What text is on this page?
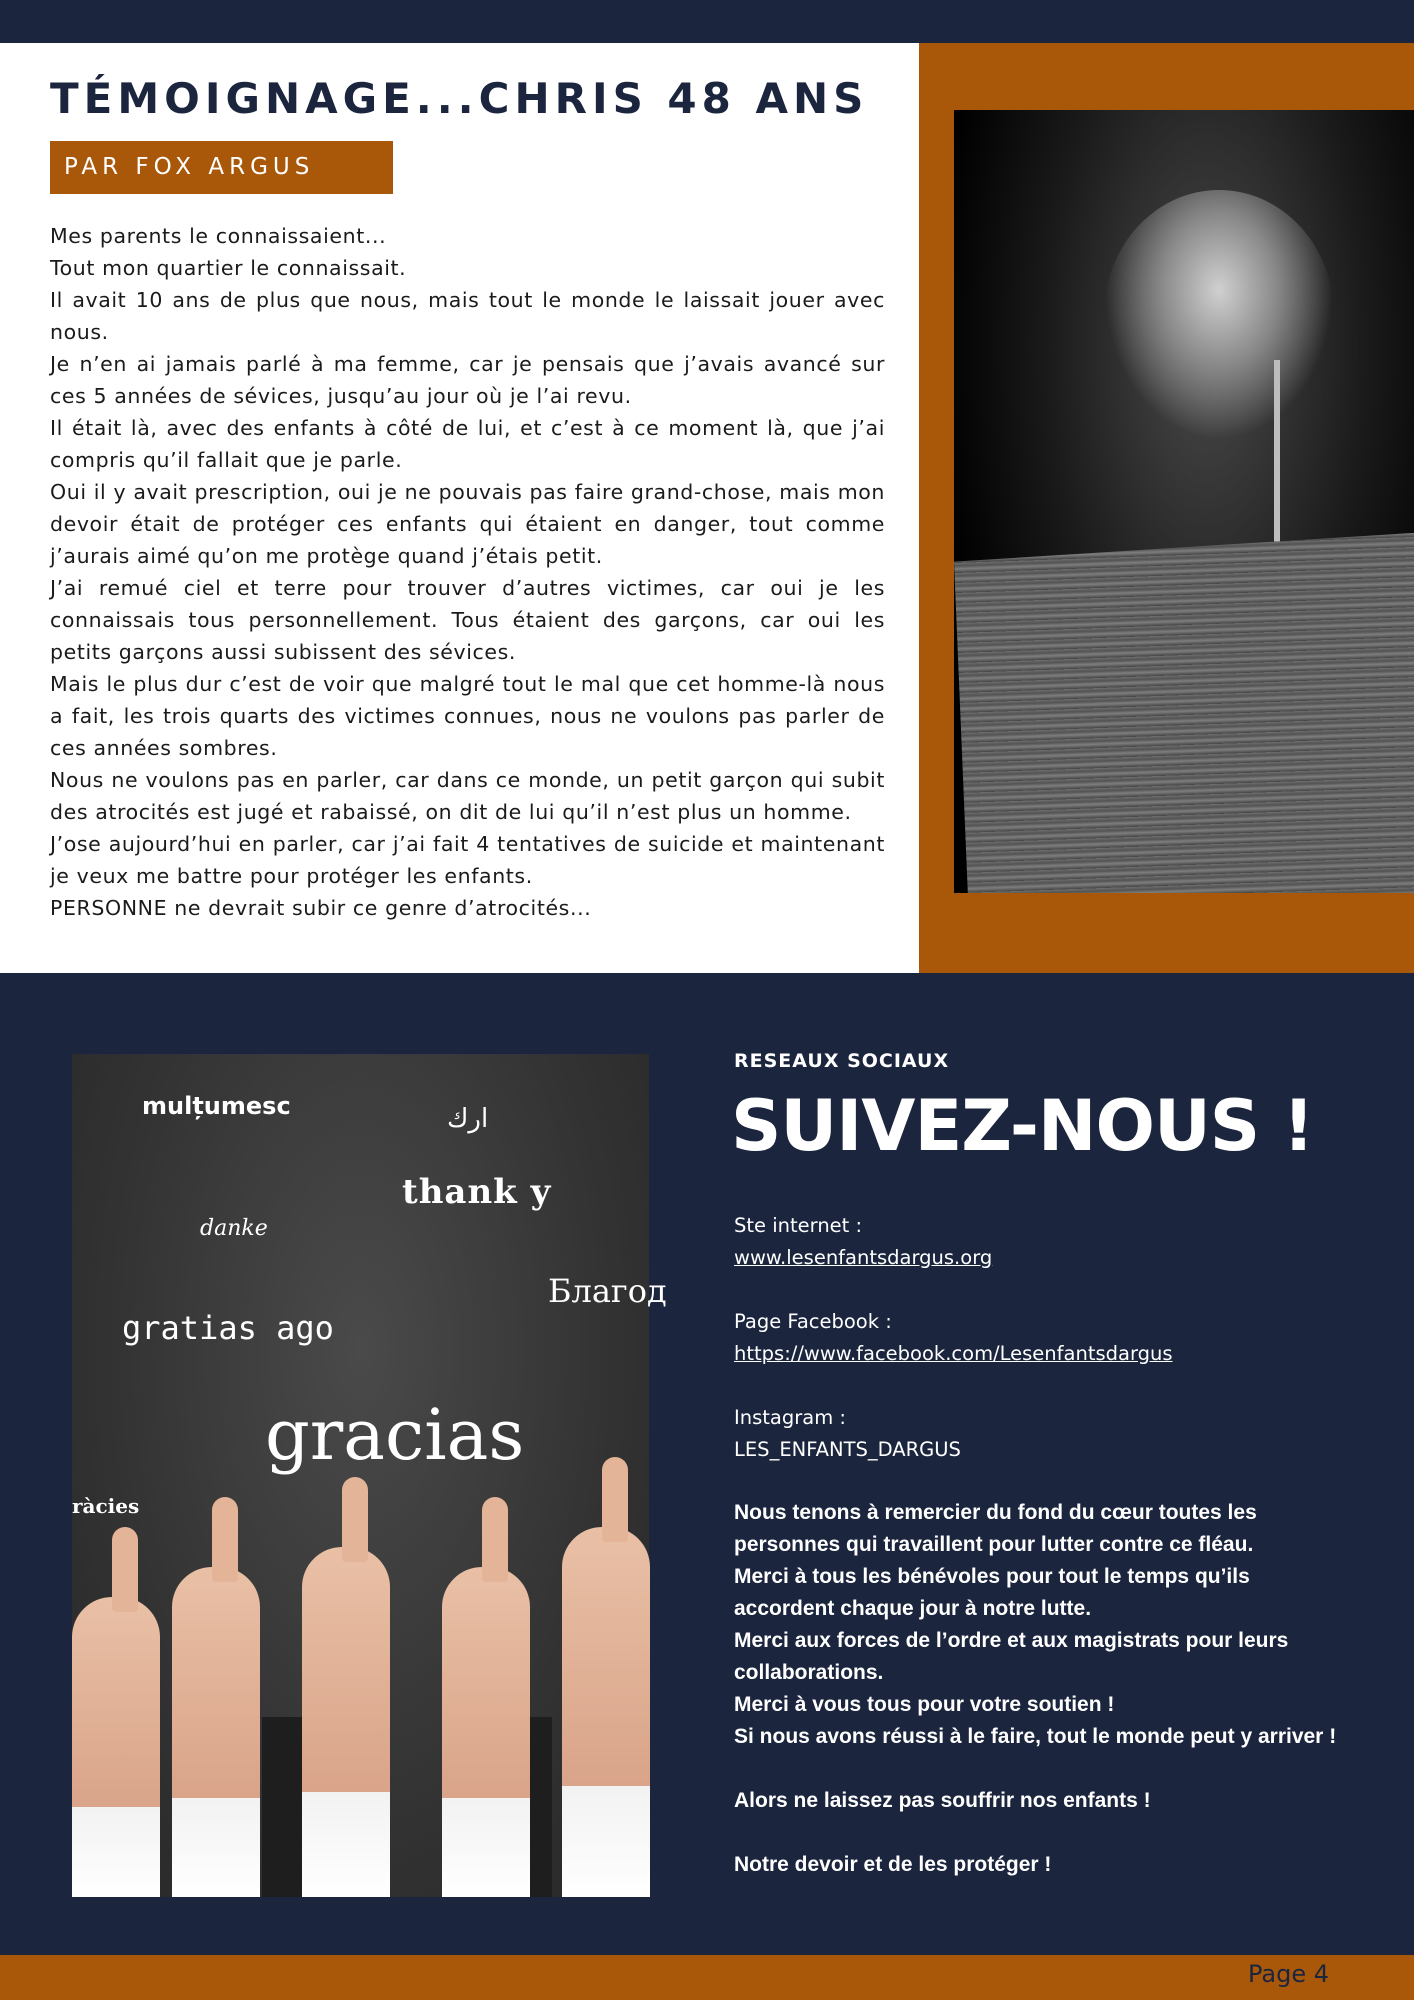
TÉMOIGNAGE...CHRIS 48 ANS
PAR FOX ARGUS

Mes parents le connaissaient...

Tout mon quartier le connaissait.

Il avait 10 ans de plus que nous, mais tout le monde le laissait jouer avec nous.

Je n’en ai jamais parlé à ma femme, car je pensais que j’avais avancé sur ces 5 années de sévices, jusqu’au jour où je l’ai revu.

Il était là, avec des enfants à côté de lui, et c’est à ce moment là, que j’ai compris qu’il fallait que je parle.

Oui il y avait prescription, oui je ne pouvais pas faire grand-chose, mais mon devoir était de protéger ces enfants qui étaient en danger, tout comme j’aurais aimé qu’on me protège quand j’étais petit.

J’ai remué ciel et terre pour trouver d’autres victimes, car oui je les connaissais tous personnellement. Tous étaient des garçons, car oui les petits garçons aussi subissent des sévices.

Mais le plus dur c’est de voir que malgré tout le mal que cet homme-là nous a fait, les trois quarts des victimes connues, nous ne voulons pas parler de ces années sombres.

Nous ne voulons pas en parler, car dans ce monde, un petit garçon qui subit des atrocités est jugé et rabaissé, on dit de lui qu’il n’est plus un homme.

J’ose aujourd’hui en parler, car j’ai fait 4 tentatives de suicide et maintenant je veux me battre pour protéger les enfants.

PERSONNE ne devrait subir ce genre d’atrocités...

mulțumesc	ارك
thank y
danke
Благод
gratias ago
gracias
ràcies
RESEAUX SOCIAUX
SUIVEZ-NOUS !
Ste internet :
www.lesenfantsdargus.org
Page Facebook :
https://www.facebook.com/Lesenfantsdargus
Instagram :
LES_ENFANTS_DARGUS

Nous tenons à remercier du fond du cœur toutes les personnes qui travaillent pour lutter contre ce fléau.

Merci à tous les bénévoles pour tout le temps qu’ils accordent chaque jour à notre lutte.

Merci aux forces de l’ordre et aux magistrats pour leurs collaborations.

Merci à vous tous pour votre soutien !

Si nous avons réussi à le faire, tout le monde peut y arriver !

Alors ne laissez pas souffrir nos enfants !

Notre devoir et de les protéger !

Page 4
